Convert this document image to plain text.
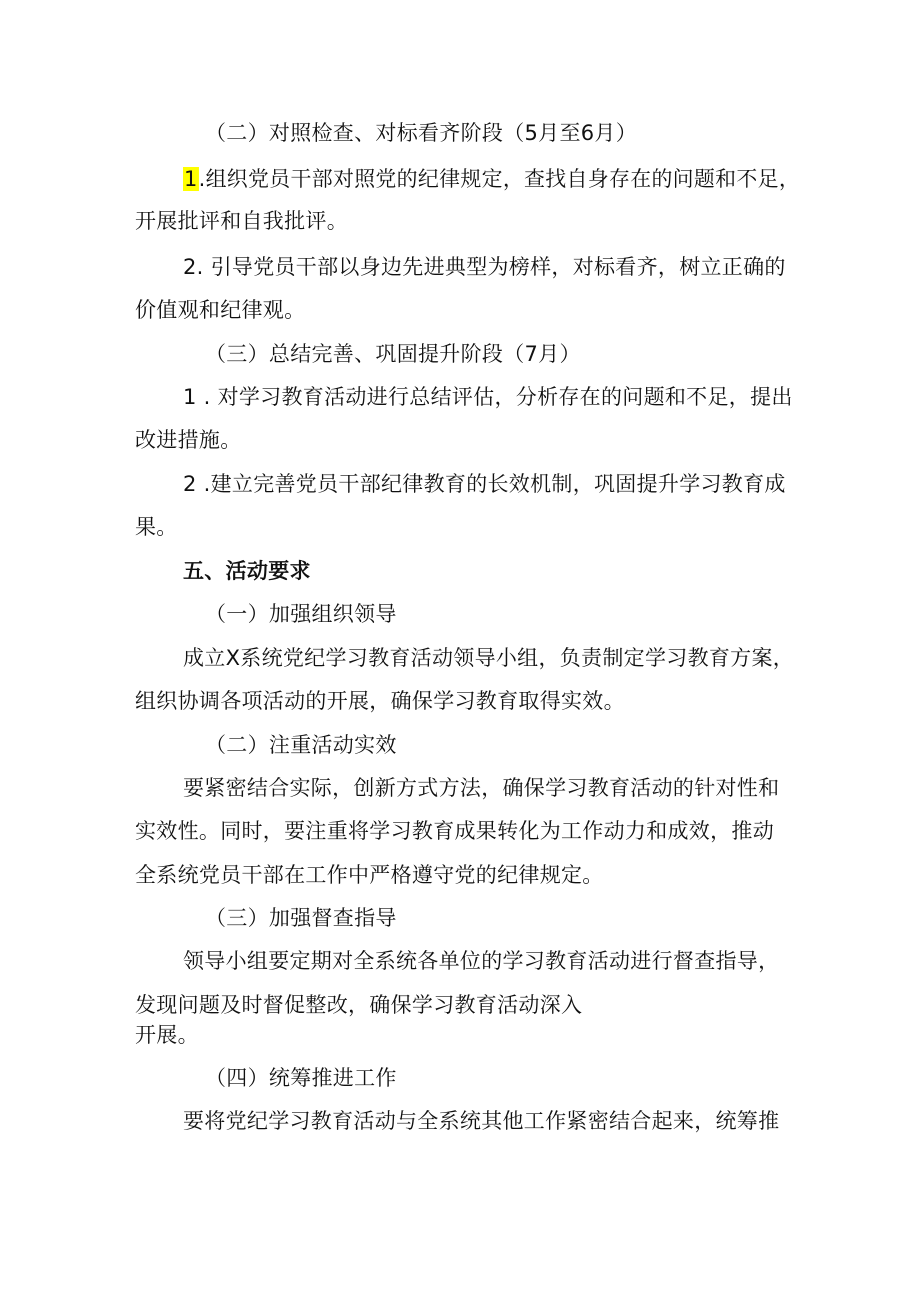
（二）对照检查、对标看齐阶段（5月至6月）
1.组织党员干部对照党的纪律规定，查找自身存在的问题和不足，
开展批评和自我批评。
2. 引导党员干部以身边先进典型为榜样，对标看齐，树立正确的
价值观和纪律观。
（三）总结完善、巩固提升阶段（7月）
1 . 对学习教育活动进行总结评估，分析存在的问题和不足，提出
改进措施。
2 .建立完善党员干部纪律教育的长效机制，巩固提升学习教育成
果。
五、活动要求
（一）加强组织领导
成立X系统党纪学习教育活动领导小组，负责制定学习教育方案，
组织协调各项活动的开展，确保学习教育取得实效。
（二）注重活动实效
要紧密结合实际，创新方式方法，确保学习教育活动的针对性和
实效性。同时，要注重将学习教育成果转化为工作动力和成效，推动
全系统党员干部在工作中严格遵守党的纪律规定。
（三）加强督查指导
领导小组要定期对全系统各单位的学习教育活动进行督查指导，
发现问题及时督促整改，确保学习教育活动深入
开展。
（四）统筹推进工作
要将党纪学习教育活动与全系统其他工作紧密结合起来，统筹推
